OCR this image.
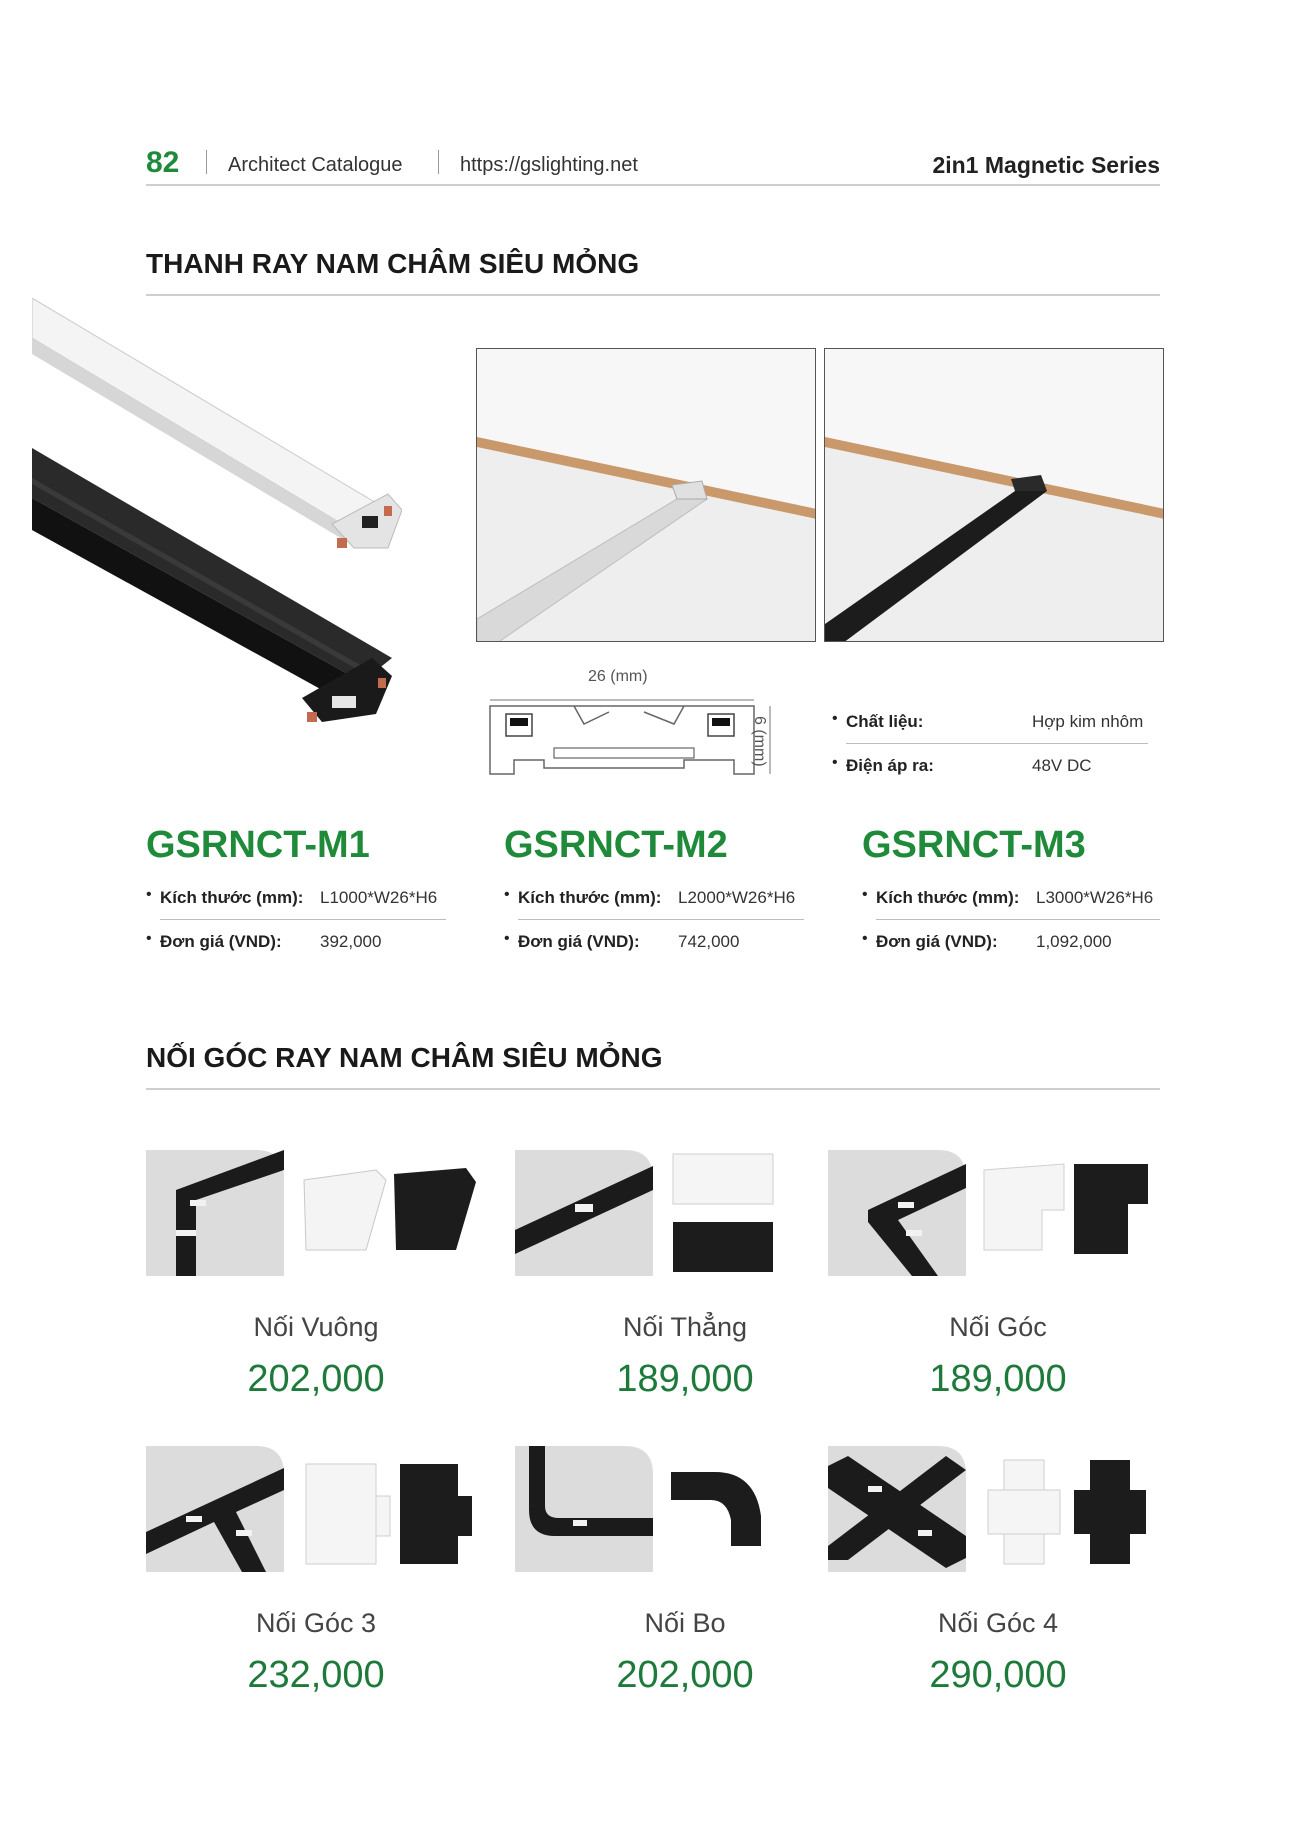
82 Architect Catalogue	https://gslighting.net	2in1 Magnetic Series
THANH RAY NAM CHÂM SIÊU MỎNG
26 (mm)
6 (mm)	• Chất liệu:	Hợp kim nhôm
• Điện áp ra:	48V DC
GSRNCT-M1	GSRNCT-M2	GSRNCT-M3
• Kích thước (mm): L1000*W26*H6
• Đơn giá (VND): 392,000
• Kích thước (mm): L2000*W26*H6
• Đơn giá (VND): 742,000
• Kích thước (mm): L3000*W26*H6
• Đơn giá (VND): 1,092,000
NỐI GÓC RAY NAM CHÂM SIÊU MỎNG
Nối Vuông
202,000
Nối Thẳng
189,000
Nối Góc
189,000
Nối Góc 3
232,000
Nối Bo
202,000
Nối Góc 4
290,000
